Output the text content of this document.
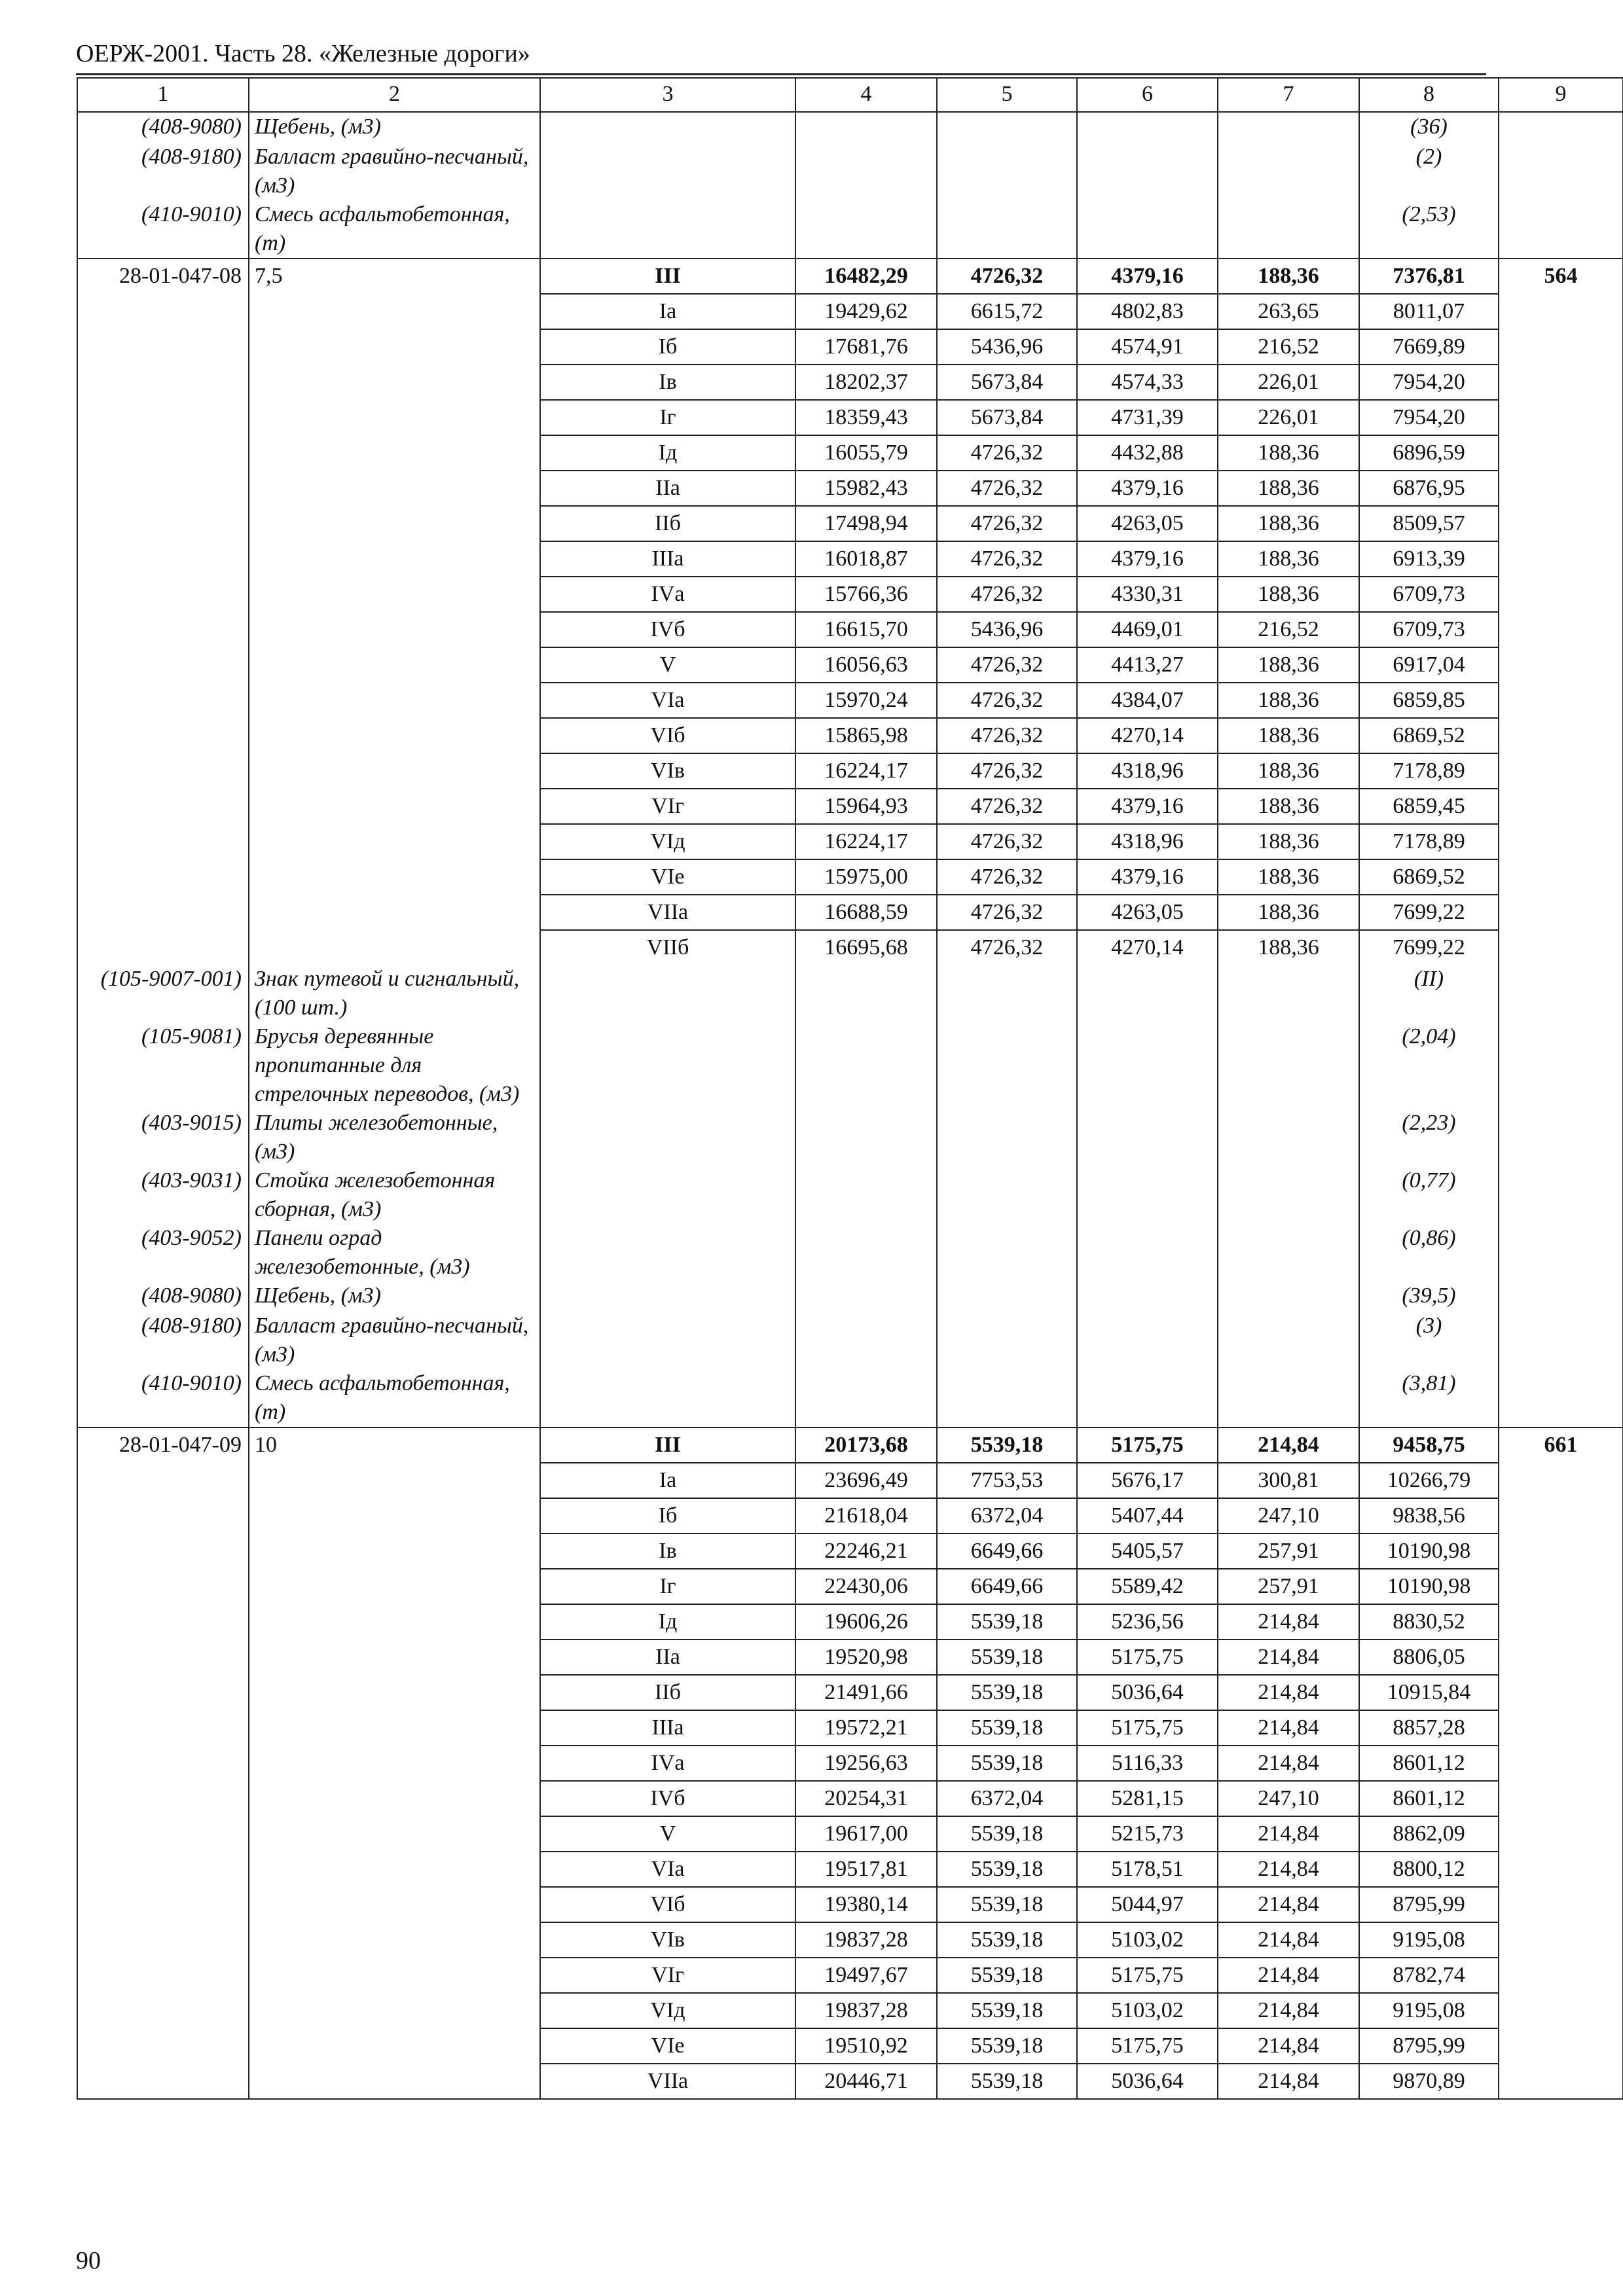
ОЕРЖ-2001. Часть 28. «Железные дороги»
1	2	3	4	5	6	7	8	9
(408-9080)	Щебень, (м3)						(36)	
(408-9180)	Балласт гравийно-песчаный, (м3)						(2)	
(410-9010)	Смесь асфальтобетонная, (т)						(2,53)	
28-01-047-08	7,5	III	16482,29	4726,32	4379,16	188,36	7376,81	564
		Iа	19429,62	6615,72	4802,83	263,65	8011,07	
		Iб	17681,76	5436,96	4574,91	216,52	7669,89	
		Iв	18202,37	5673,84	4574,33	226,01	7954,20	
		Iг	18359,43	5673,84	4731,39	226,01	7954,20	
		Iд	16055,79	4726,32	4432,88	188,36	6896,59	
		IIа	15982,43	4726,32	4379,16	188,36	6876,95	
		IIб	17498,94	4726,32	4263,05	188,36	8509,57	
		IIIа	16018,87	4726,32	4379,16	188,36	6913,39	
		IVа	15766,36	4726,32	4330,31	188,36	6709,73	
		IVб	16615,70	5436,96	4469,01	216,52	6709,73	
		V	16056,63	4726,32	4413,27	188,36	6917,04	
		VIа	15970,24	4726,32	4384,07	188,36	6859,85	
		VIб	15865,98	4726,32	4270,14	188,36	6869,52	
		VIв	16224,17	4726,32	4318,96	188,36	7178,89	
		VIг	15964,93	4726,32	4379,16	188,36	6859,45	
		VIд	16224,17	4726,32	4318,96	188,36	7178,89	
		VIе	15975,00	4726,32	4379,16	188,36	6869,52	
		VIIа	16688,59	4726,32	4263,05	188,36	7699,22	
		VIIб	16695,68	4726,32	4270,14	188,36	7699,22	
(105-9007-001)	Знак путевой и сигнальный, (100 шт.)						(II)	
(105-9081)	Брусья деревянные пропитанные для стрелочных переводов, (м3)						(2,04)	
(403-9015)	Плиты железобетонные, (м3)						(2,23)	
(403-9031)	Стойка железобетонная сборная, (м3)						(0,77)	
(403-9052)	Панели оград железобетонные, (м3)						(0,86)	
(408-9080)	Щебень, (м3)						(39,5)	
(408-9180)	Балласт гравийно-песчаный, (м3)						(3)	
(410-9010)	Смесь асфальтобетонная, (т)						(3,81)	
28-01-047-09	10	III	20173,68	5539,18	5175,75	214,84	9458,75	661
		Iа	23696,49	7753,53	5676,17	300,81	10266,79	
		Iб	21618,04	6372,04	5407,44	247,10	9838,56	
		Iв	22246,21	6649,66	5405,57	257,91	10190,98	
		Iг	22430,06	6649,66	5589,42	257,91	10190,98	
		Iд	19606,26	5539,18	5236,56	214,84	8830,52	
		IIа	19520,98	5539,18	5175,75	214,84	8806,05	
		IIб	21491,66	5539,18	5036,64	214,84	10915,84	
		IIIа	19572,21	5539,18	5175,75	214,84	8857,28	
		IVа	19256,63	5539,18	5116,33	214,84	8601,12	
		IVб	20254,31	6372,04	5281,15	247,10	8601,12	
		V	19617,00	5539,18	5215,73	214,84	8862,09	
		VIа	19517,81	5539,18	5178,51	214,84	8800,12	
		VIб	19380,14	5539,18	5044,97	214,84	8795,99	
		VIв	19837,28	5539,18	5103,02	214,84	9195,08	
		VIг	19497,67	5539,18	5175,75	214,84	8782,74	
		VIд	19837,28	5539,18	5103,02	214,84	9195,08	
		VIе	19510,92	5539,18	5175,75	214,84	8795,99	
		VIIа	20446,71	5539,18	5036,64	214,84	9870,89	
90
